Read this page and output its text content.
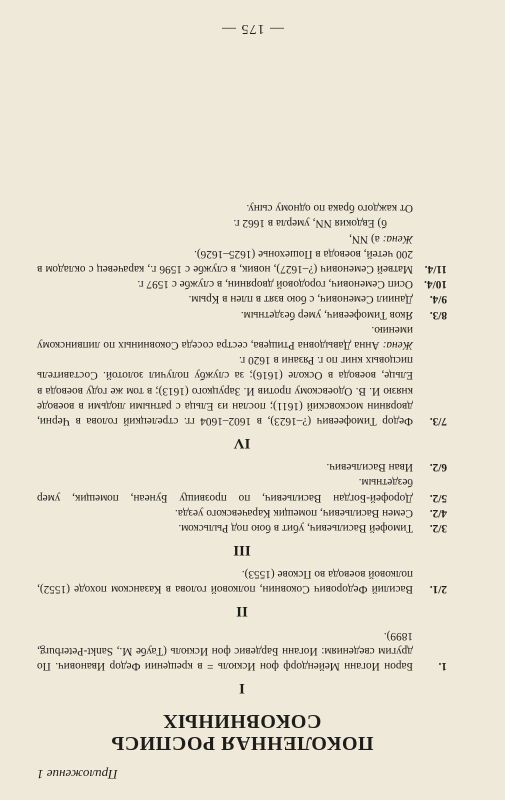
Приложение 1
ПОКОЛЕННАЯ РОСПИСЬ
СОКОВНИНЫХ
I
1.
Барон Иоганн Мейендорф фон Искюль = в крещении Федор Иванович. По другим сведениям: Иоганн Бардевис фон Искюль (Таубе М., Sankt-Peterburg, 1899).
II
2/1.
Василий Федорович Соковнин, полковой голова в Казанском походе (1552), полковой воевода во Пскове (1553).
III
3/2.
Тимофей Васильевич, убит в бою под Рыльском.
4/2.
Семен Васильевич, помещик Карачевского уезда.
5/2.
Дорофей-Богдан Васильевич, по прозвищу Бунеан, помещик, умер бездетным.
6/2.
Иван Васильевич.
IV
7/3.
Федор Тимофеевич (?–1623), в 1602–1604 гг. стрелецкий голова в Черни, дворянин московский (1611); послан из Ельца с ратными людьми в воеводе князю И. В. Одоевскому против И. Заруцкого (1613); в том же году воевода в Ельце, воевода в Осколе (1616); за службу получил золотой. Составитель писцовых книг по г. Рязани в 1620 г.
Жена: Анна Давыдовна Ртищева, сестра соседа Соковниных по липвинскому имению.
8/3.
Яков Тимофеевич, умер бездетным.
9/4.
Даниил Семенович, с бою взят в плен в Крым.
10/4.
Осип Семенович, городовой дворянин, в службе с 1597 г.
11/4.
Матвей Семенович (?–1627), новик, в службе с 1596 г., карачевец с окладом в 200 четей, воевода в Пошехонье (1625–1626).
Жена: а) NN,
б) Евдокия NN, умерла в 1662 г.
От каждого брака по одному сыну.
— 175 —
